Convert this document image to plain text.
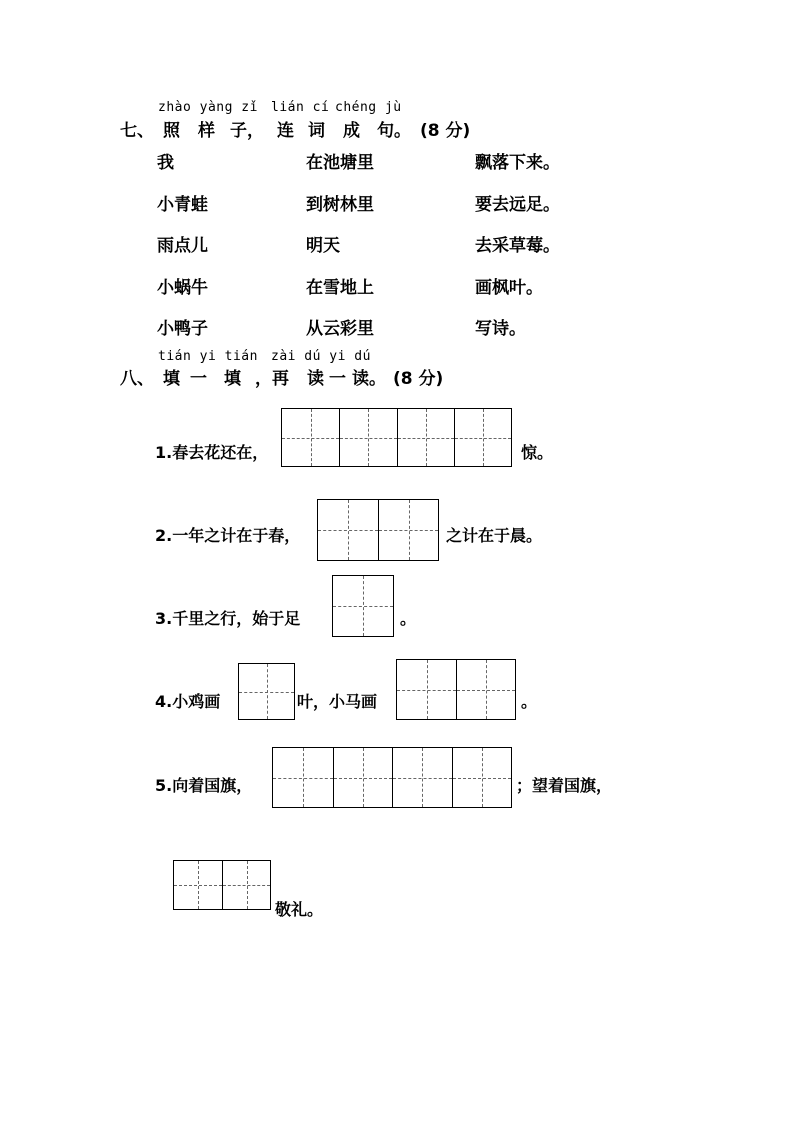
zhào yàng zǐ lián cí chéng jù
七、 照 样 子， 连 词 成 句。 (8 分)
我	在池塘里	飘落下来。
小青蛙	到树林里	要去远足。
雨点儿	明天	去采草莓。
小蜗牛	在雪地上	画枫叶。
小鸭子	从云彩里	写诗。
tián yi tián zài dú yi dú
八、 填 一 填 ，再 读 一 读。 (8 分)
1.春去花还在，	惊。
2.一年之计在于春，	之计在于晨。
3.千里之行，始于足	。
4.小鸡画	叶，小马画	。
5.向着国旗，	；望着国旗，
敬礼。
